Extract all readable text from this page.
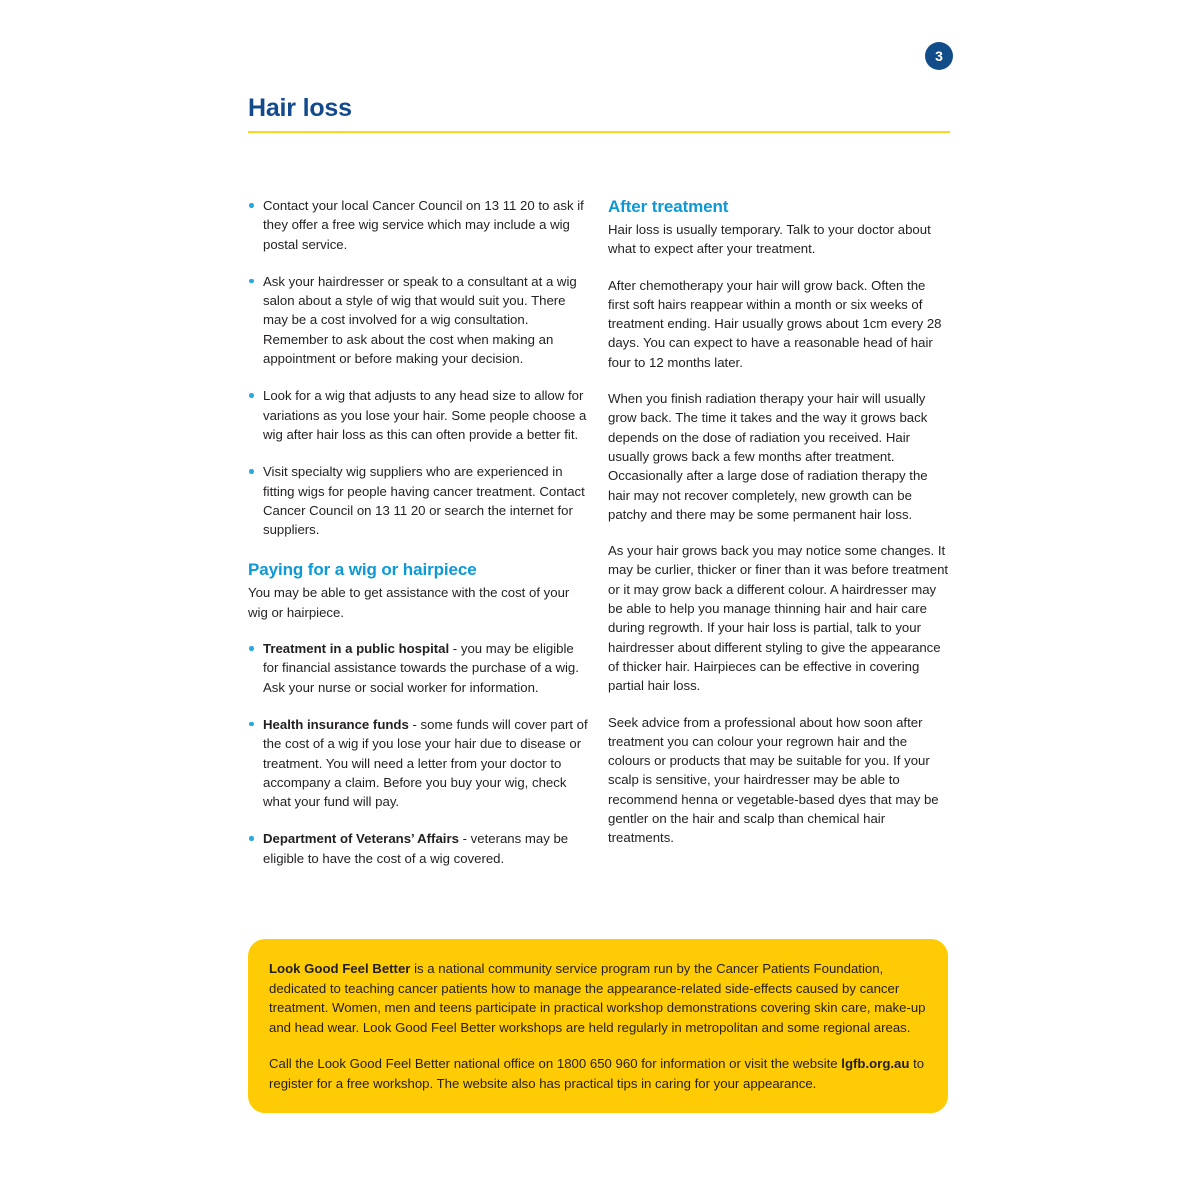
3
Hair loss
Contact your local Cancer Council on 13 11 20 to ask if they offer a free wig service which may include a wig postal service.
Ask your hairdresser or speak to a consultant at a wig salon about a style of wig that would suit you. There may be a cost involved for a wig consultation. Remember to ask about the cost when making an appointment or before making your decision.
Look for a wig that adjusts to any head size to allow for variations as you lose your hair. Some people choose a wig after hair loss as this can often provide a better fit.
Visit specialty wig suppliers who are experienced in fitting wigs for people having cancer treatment. Contact Cancer Council on 13 11 20 or search the internet for suppliers.
Paying for a wig or hairpiece

You may be able to get assistance with the cost of your wig or hairpiece.

Treatment in a public hospital - you may be eligible for financial assistance towards the purchase of a wig. Ask your nurse or social worker for information.
Health insurance funds - some funds will cover part of the cost of a wig if you lose your hair due to disease or treatment. You will need a letter from your doctor to accompany a claim. Before you buy your wig, check what your fund will pay.
Department of Veterans’ Affairs - veterans may be eligible to have the cost of a wig covered.
After treatment

Hair loss is usually temporary. Talk to your doctor about what to expect after your treatment.

After chemotherapy your hair will grow back. Often the first soft hairs reappear within a month or six weeks of treatment ending. Hair usually grows about 1cm every 28 days. You can expect to have a reasonable head of hair four to 12 months later.

When you finish radiation therapy your hair will usually grow back. The time it takes and the way it grows back depends on the dose of radiation you received. Hair usually grows back a few months after treatment. Occasionally after a large dose of radiation therapy the hair may not recover completely, new growth can be patchy and there may be some permanent hair loss.

As your hair grows back you may notice some changes. It may be curlier, thicker or finer than it was before treatment or it may grow back a different colour. A hairdresser may be able to help you manage thinning hair and hair care during regrowth. If your hair loss is partial, talk to your hairdresser about different styling to give the appearance of thicker hair. Hairpieces can be effective in covering partial hair loss.

Seek advice from a professional about how soon after treatment you can colour your regrown hair and the colours or products that may be suitable for you. If your scalp is sensitive, your hairdresser may be able to recommend henna or vegetable-based dyes that may be gentler on the hair and scalp than chemical hair treatments.

Look Good Feel Better is a national community service program run by the Cancer Patients Foundation, dedicated to teaching cancer patients how to manage the appearance-related side-effects caused by cancer treatment. Women, men and teens participate in practical workshop demonstrations covering skin care, make-up and head wear. Look Good Feel Better workshops are held regularly in metropolitan and some regional areas.

Call the Look Good Feel Better national office on 1800 650 960 for information or visit the website lgfb.org.au to register for a free workshop. The website also has practical tips in caring for your appearance.
